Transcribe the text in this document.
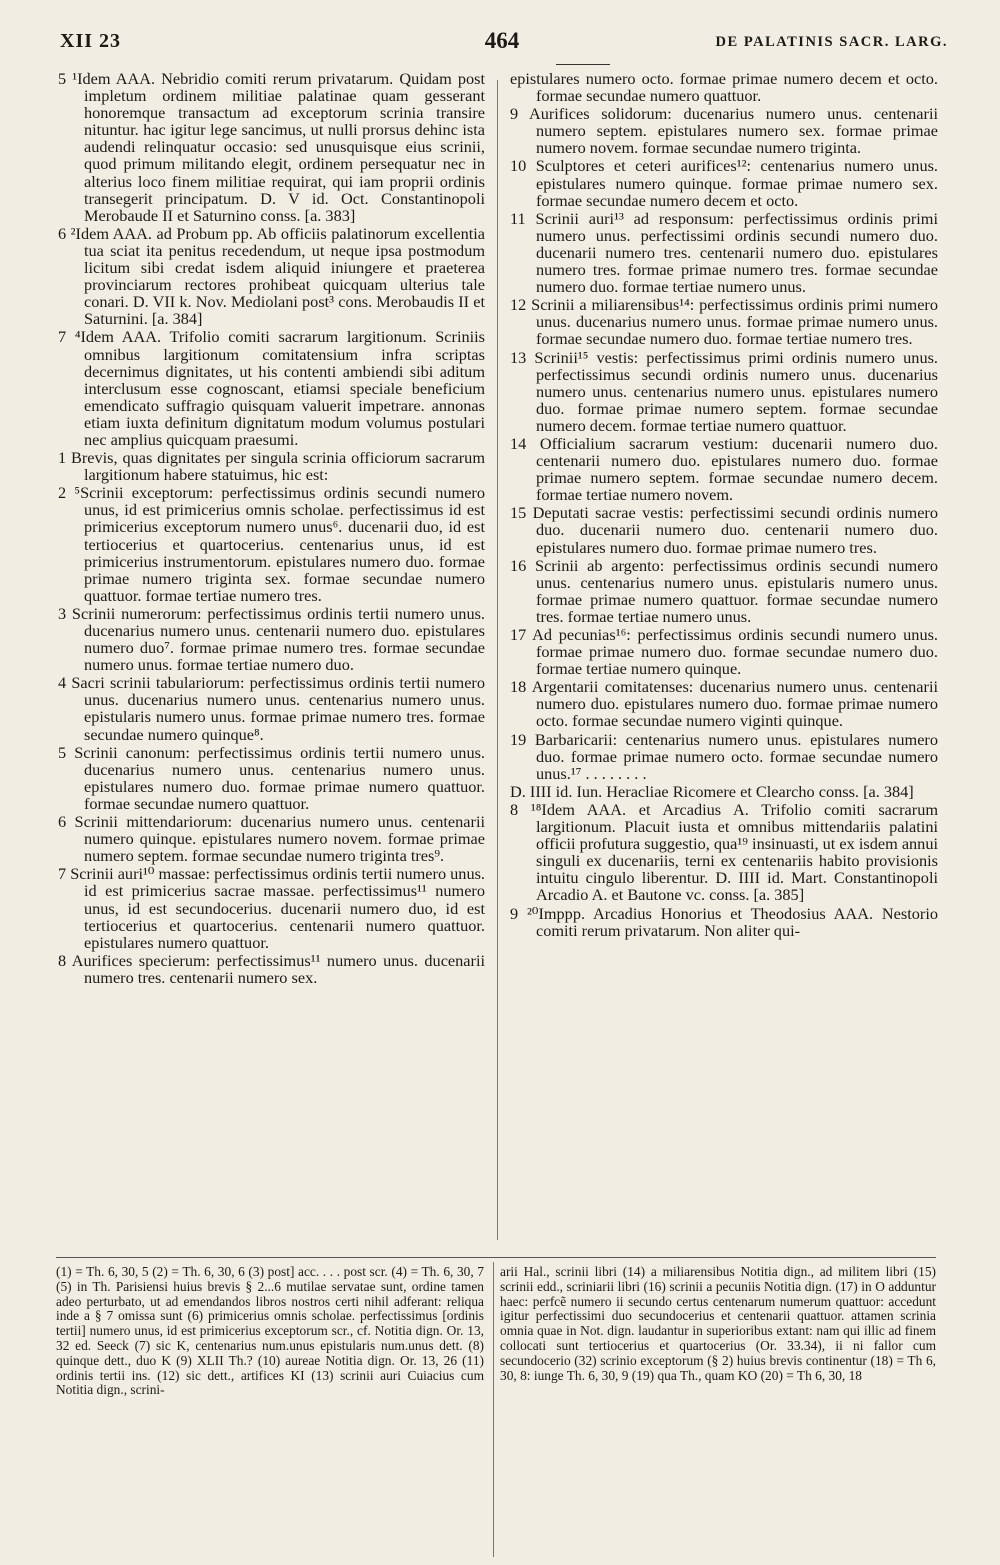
XII 23	464	DE PALATINIS SACR. LARG.
5 ¹Idem AAA. Nebridio comiti rerum privatarum. Quidam post impletum ordinem militiae palatinae quam gesserant honoremque transactum ad exceptorum scrinia transire nituntur. hac igitur lege sancimus, ut nulli prorsus dehinc ista audendi relinquatur occasio: sed unusquisque eius scrinii, quod primum militando elegit, ordinem persequatur nec in alterius loco finem militiae requirat, qui iam proprii ordinis transegerit principatum. D. V id. Oct. Constantinopoli Merobaude II et Saturnino conss. [a. 383]
6 ²Idem AAA. ad Probum pp. Ab officiis palatinorum excellentia tua sciat ita penitus recedendum, ut neque ipsa postmodum licitum sibi credat isdem aliquid iniungere et praeterea provinciarum rectores prohibeat quicquam ulterius tale conari. D. VII k. Nov. Mediolani post³ cons. Merobaudis II et Saturnini. [a. 384]
7 ⁴Idem AAA. Trifolio comiti sacrarum largitionum. Scriniis omnibus largitionum comitatensium infra scriptas decernimus dignitates, ut his contenti ambiendi sibi aditum interclusum esse cognoscant, etiamsi speciale beneficium emendicato suffragio quisquam valuerit impetrare. annonas etiam iuxta definitum dignitatum modum volumus postulari nec amplius quicquam praesumi.
1 Brevis, quas dignitates per singula scrinia officiorum sacrarum largitionum habere statuimus, hic est:
2 ⁵Scrinii exceptorum: perfectissimus ordinis secundi numero unus, id est primicerius omnis scholae. perfectissimus id est primicerius exceptorum numero unus⁶. ducenarii duo, id est tertiocerius et quartocerius. centenarius unus, id est primicerius instrumentorum. epistulares numero duo. formae primae numero triginta sex. formae secundae numero quattuor. formae tertiae numero tres.
3 Scrinii numerorum: perfectissimus ordinis tertii numero unus. ducenarius numero unus. centenarii numero duo. epistulares numero duo⁷. formae primae numero tres. formae secundae numero unus. formae tertiae numero duo.
4 Sacri scrinii tabulariorum: perfectissimus ordinis tertii numero unus. ducenarius numero unus. centenarius numero unus. epistularis numero unus. formae primae numero tres. formae secundae numero quinque⁸.
5 Scrinii canonum: perfectissimus ordinis tertii numero unus. ducenarius numero unus. centenarius numero unus. epistulares numero duo. formae primae numero quattuor. formae secundae numero quattuor.
6 Scrinii mittendariorum: ducenarius numero unus. centenarii numero quinque. epistulares numero novem. formae primae numero septem. formae secundae numero triginta tres⁹.
7 Scrinii auri¹⁰ massae: perfectissimus ordinis tertii numero unus. id est primicerius sacrae massae. perfectissimus¹¹ numero unus, id est secundocerius. ducenarii numero duo, id est tertiocerius et quartocerius. centenarii numero quattuor. epistulares numero quattuor.
8 Aurifices specierum: perfectissimus¹¹ numero unus. ducenarii numero tres. centenarii numero sex.
epistulares numero octo. formae primae numero decem et octo. formae secundae numero quattuor.
9 Aurifices solidorum: ducenarius numero unus. centenarii numero septem. epistulares numero sex. formae primae numero novem. formae secundae numero triginta.
10 Sculptores et ceteri aurifices¹²: centenarius numero unus. epistulares numero quinque. formae primae numero sex. formae secundae numero decem et octo.
11 Scrinii auri¹³ ad responsum: perfectissimus ordinis primi numero unus. perfectissimi ordinis secundi numero duo. ducenarii numero tres. centenarii numero duo. epistulares numero tres. formae primae numero tres. formae secundae numero duo. formae tertiae numero unus.
12 Scrinii a miliarensibus¹⁴: perfectissimus ordinis primi numero unus. ducenarius numero unus. formae primae numero unus. formae secundae numero duo. formae tertiae numero tres.
13 Scrinii¹⁵ vestis: perfectissimus primi ordinis numero unus. perfectissimus secundi ordinis numero unus. ducenarius numero unus. centenarius numero unus. epistulares numero duo. formae primae numero septem. formae secundae numero decem. formae tertiae numero quattuor.
14 Officialium sacrarum vestium: ducenarii numero duo. centenarii numero duo. epistulares numero duo. formae primae numero septem. formae secundae numero decem. formae tertiae numero novem.
15 Deputati sacrae vestis: perfectissimi secundi ordinis numero duo. ducenarii numero duo. centenarii numero duo. epistulares numero duo. formae primae numero tres.
16 Scrinii ab argento: perfectissimus ordinis secundi numero unus. centenarius numero unus. epistularis numero unus. formae primae numero quattuor. formae secundae numero tres. formae tertiae numero unus.
17 Ad pecunias¹⁶: perfectissimus ordinis secundi numero unus. formae primae numero duo. formae secundae numero duo. formae tertiae numero quinque.
18 Argentarii comitatenses: ducenarius numero unus. centenarii numero duo. epistulares numero duo. formae primae numero octo. formae secundae numero viginti quinque.
19 Barbaricarii: centenarius numero unus. epistulares numero duo. formae primae numero octo. formae secundae numero unus.¹⁷ . . . . . . . .
D. IIII id. Iun. Heracliae Ricomere et Clearcho conss. [a. 384]
8 ¹⁸Idem AAA. et Arcadius A. Trifolio comiti sacrarum largitionum. Placuit iusta et omnibus mittendariis palatini officii profutura suggestio, qua¹⁹ insinuasti, ut ex isdem annui singuli ex ducenariis, terni ex centenariis habito provisionis intuitu cingulo liberentur. D. IIII id. Mart. Constantinopoli Arcadio A. et Bautone vc. conss. [a. 385]
9 ²⁰Imppp. Arcadius Honorius et Theodosius AAA. Nestorio comiti rerum privatarum. Non aliter qui-
(1) = Th. 6, 30, 5 (2) = Th. 6, 30, 6 (3) post] acc. . . . post scr. (4) = Th. 6, 30, 7 (5) in Th. Parisiensi huius brevis § 2...6 mutilae servatae sunt, ordine tamen adeo perturbato, ut ad emendandos libros nostros certi nihil adferant: reliqua inde a § 7 omissa sunt (6) primicerius omnis scholae. perfectissimus [ordinis tertii] numero unus, id est primicerius exceptorum scr., cf. Notitia dign. Or. 13, 32 ed. Seeck (7) sic K, centenarius num.unus epistularis num.unus dett. (8) quinque dett., duo K (9) XLII Th.? (10) aureae Notitia dign. Or. 13, 26 (11) ordinis tertii ins. (12) sic dett., artifices KI (13) scrinii auri Cuiacius cum Notitia dign., scrini-
arii Hal., scrinii libri (14) a miliarensibus Notitia dign., ad militem libri (15) scrinii edd., scriniarii libri (16) scrinii a pecuniis Notitia dign. (17) in O adduntur haec: perfcẽ numero ii secundo certus centenarum numerum quattuor: accedunt igitur perfectissimi duo secundocerius et centenarii quattuor. attamen scrinia omnia quae in Not. dign. laudantur in superioribus extant: nam qui illic ad finem collocati sunt tertiocerius et quartocerius (Or. 33.34), ii ni fallor cum secundocerio (32) scrinio exceptorum (§ 2) huius brevis continentur (18) = Th 6, 30, 8: iunge Th. 6, 30, 9 (19) qua Th., quam KO (20) = Th 6, 30, 18
